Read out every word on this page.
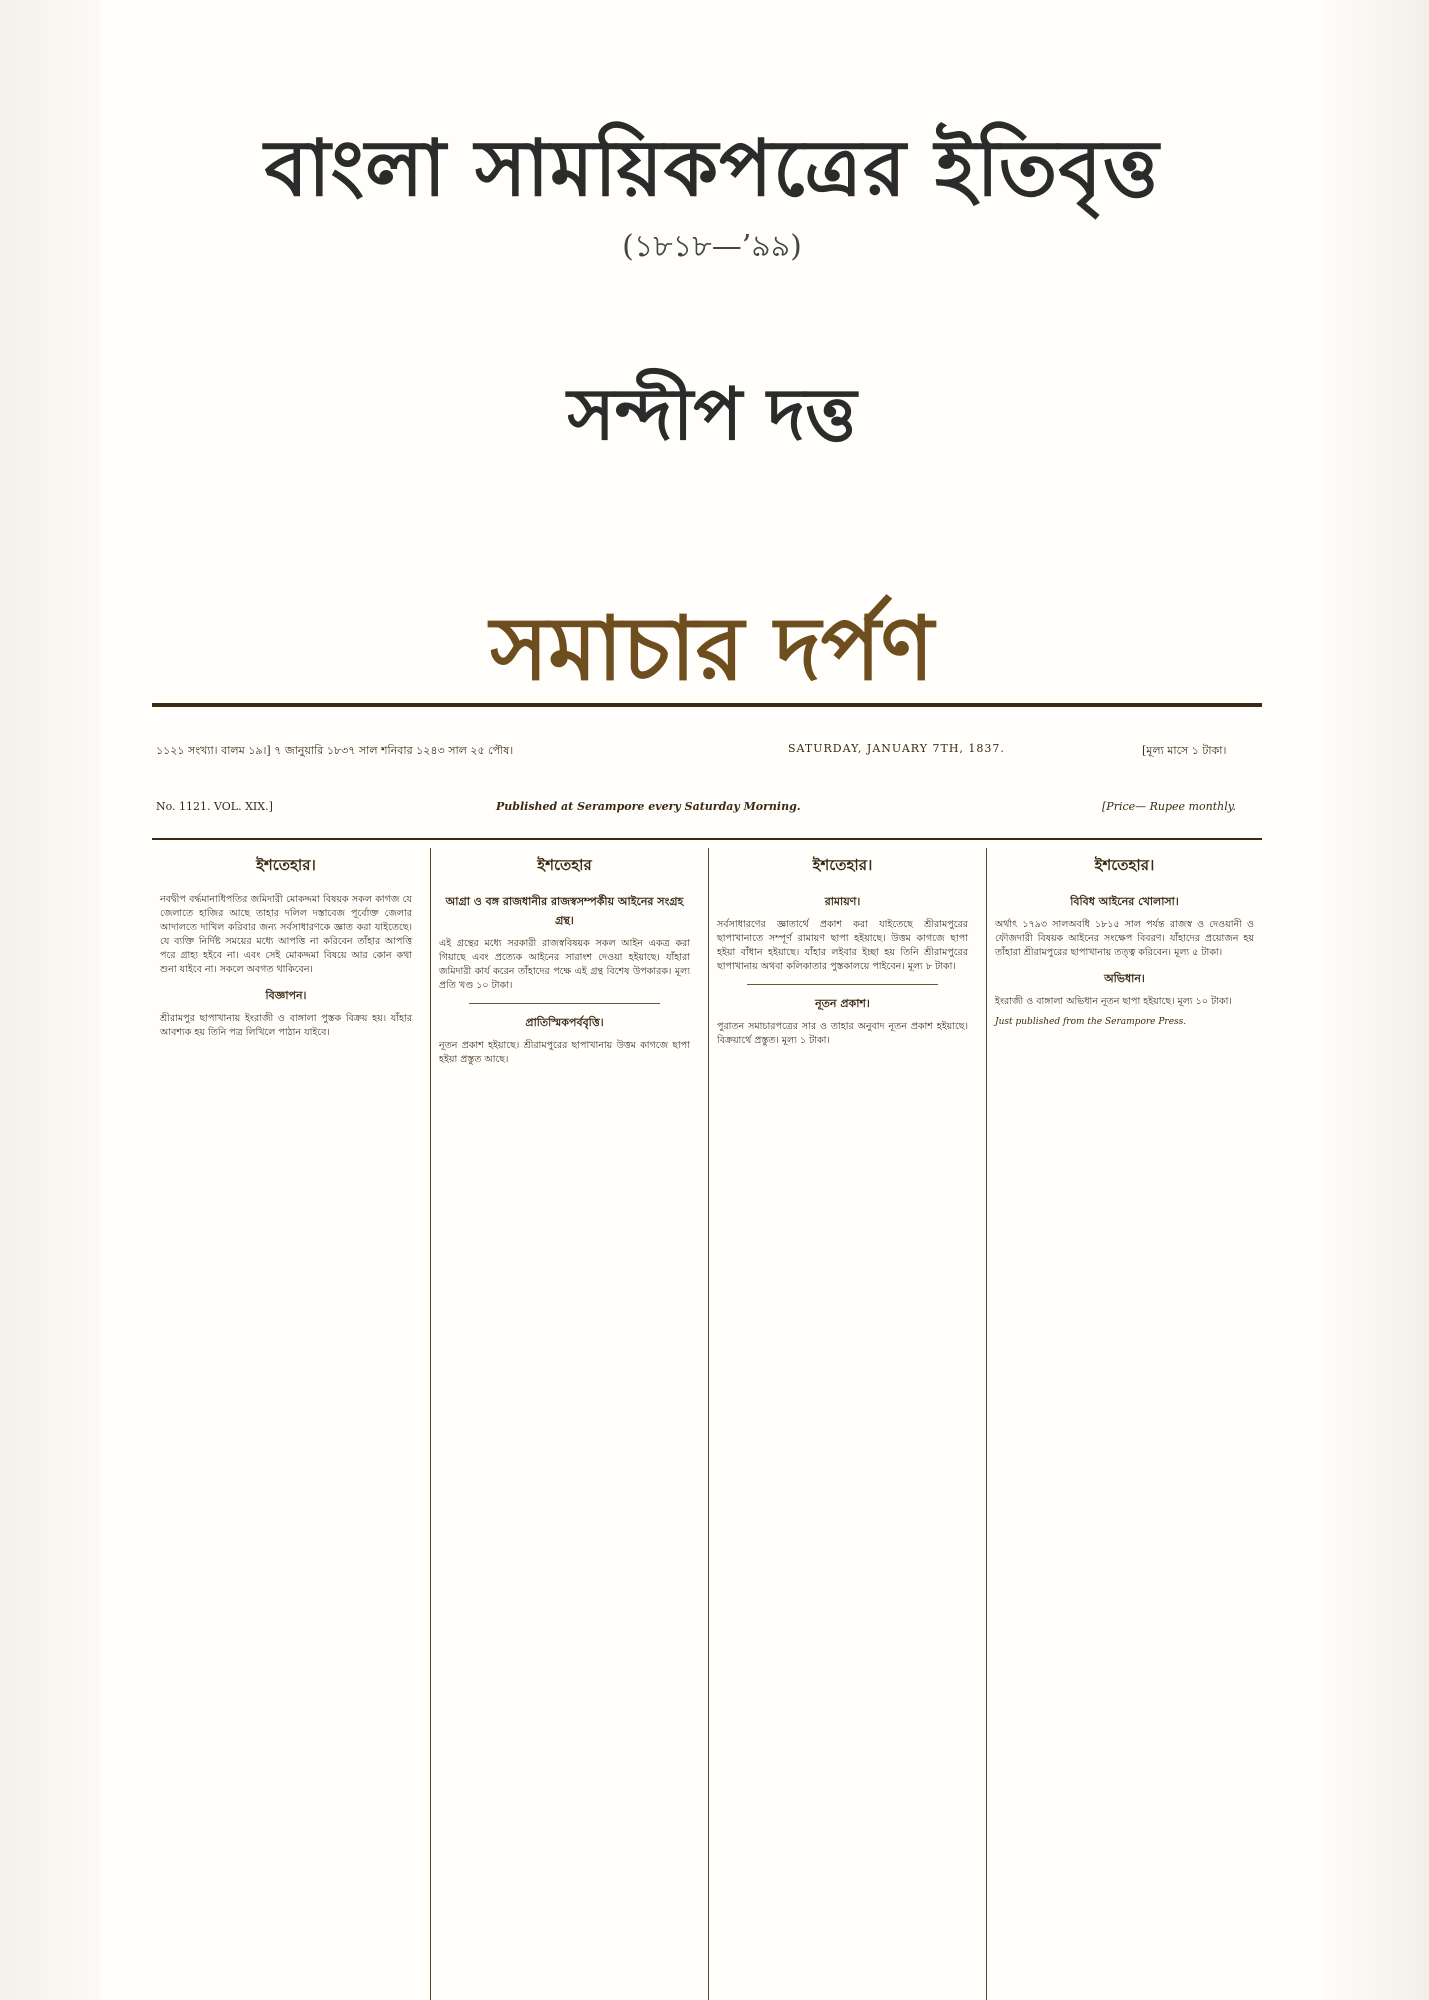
বাংলা সাময়িকপত্রের ইতিবৃত্ত
(১৮১৮—’৯৯)
সন্দীপ দত্ত
সমাচার দর্পণ
১১২১ সংখ্যা। বালম ১৯।] ৭ জানুয়ারি ১৮৩৭ সাল শনিবার ১২৪৩ সাল ২৫ পৌষ।	SATURDAY, JANUARY 7TH, 1837.	[মূল্য মাসে ১ টাকা।
No. 1121. VOL. XIX.]	Published at Serampore every Saturday Morning.	[Price— Rupee monthly.
ইশতেহার।

নবদ্বীপ বর্দ্ধমানাধিপতির জমিদারী মোকদ্দমা বিষয়ক সকল কাগজ যে জেলাতে হাজির আছে তাহার দলিল দস্তাবেজ পূর্বোক্ত জেলার আদালতে দাখিল করিবার জন্য সর্বসাধারণকে জ্ঞাত করা যাইতেছে। যে ব্যক্তি নির্দিষ্ট সময়ের মধ্যে আপত্তি না করিবেন তাঁহার আপত্তি পরে গ্রাহ্য হইবে না। এবং সেই মোকদ্দমা বিষয়ে আর কোন কথা শুনা যাইবে না। সকলে অবগত থাকিবেন।

বিজ্ঞাপন।

শ্রীরামপুর ছাপাখানায় ইংরাজী ও বাঙ্গালা পুস্তক বিক্রয় হয়। যাঁহার আবশ্যক হয় তিনি পত্র লিখিলে পাঠান যাইবে।

ইশতেহার
আগ্রা ও বঙ্গ রাজধানীর রাজস্বসম্পর্কীয় আইনের সংগ্রহ গ্রন্থ।

এই গ্রন্থের মধ্যে সরকারী রাজস্ববিষয়ক সকল আইন একত্র করা গিয়াছে এবং প্রত্যেক আইনের সারাংশ দেওয়া হইয়াছে। যাঁহারা জমিদারী কার্য করেন তাঁহাদের পক্ষে এই গ্রন্থ বিশেষ উপকারক। মূল্য প্রতি খণ্ড ১০ টাকা।

প্রাতিস্মিকপর্ববৃত্তি।

নূতন প্রকাশ হইয়াছে। শ্রীরামপুরের ছাপাখানায় উত্তম কাগজে ছাপা হইয়া প্রস্তুত আছে।

ইশতেহার।
রামায়ণ।

সর্বসাধারণের জ্ঞাতার্থে প্রকাশ করা যাইতেছে শ্রীরামপুরের ছাপাখানাতে সম্পূর্ণ রামায়ণ ছাপা হইয়াছে। উত্তম কাগজে ছাপা হইয়া বাঁধান হইয়াছে। যাঁহার লইবার ইচ্ছা হয় তিনি শ্রীরামপুরের ছাপাখানায় অথবা কলিকাতার পুস্তকালয়ে পাইবেন। মূল্য ৮ টাকা।

নূতন প্রকাশ।

পুরাতন সমাচারপত্রের সার ও তাহার অনুবাদ নূতন প্রকাশ হইয়াছে। বিক্রয়ার্থে প্রস্তুত। মূল্য ১ টাকা।

ইশতেহার।
বিবিধ আইনের খোলাসা।

অর্থাৎ ১৭৯৩ সালঅবধি ১৮১৫ সাল পর্যন্ত রাজস্ব ও দেওয়ানী ও ফৌজদারী বিষয়ক আইনের সংক্ষেপ বিবরণ। যাঁহাদের প্রয়োজন হয় তাঁহারা শ্রীরামপুরের ছাপাখানায় তত্ত্ব করিবেন। মূল্য ৫ টাকা।

অভিধান।

ইংরাজী ও বাঙ্গালা অভিধান নূতন ছাপা হইয়াছে। মূল্য ১০ টাকা।

Just published from the Serampore Press.
